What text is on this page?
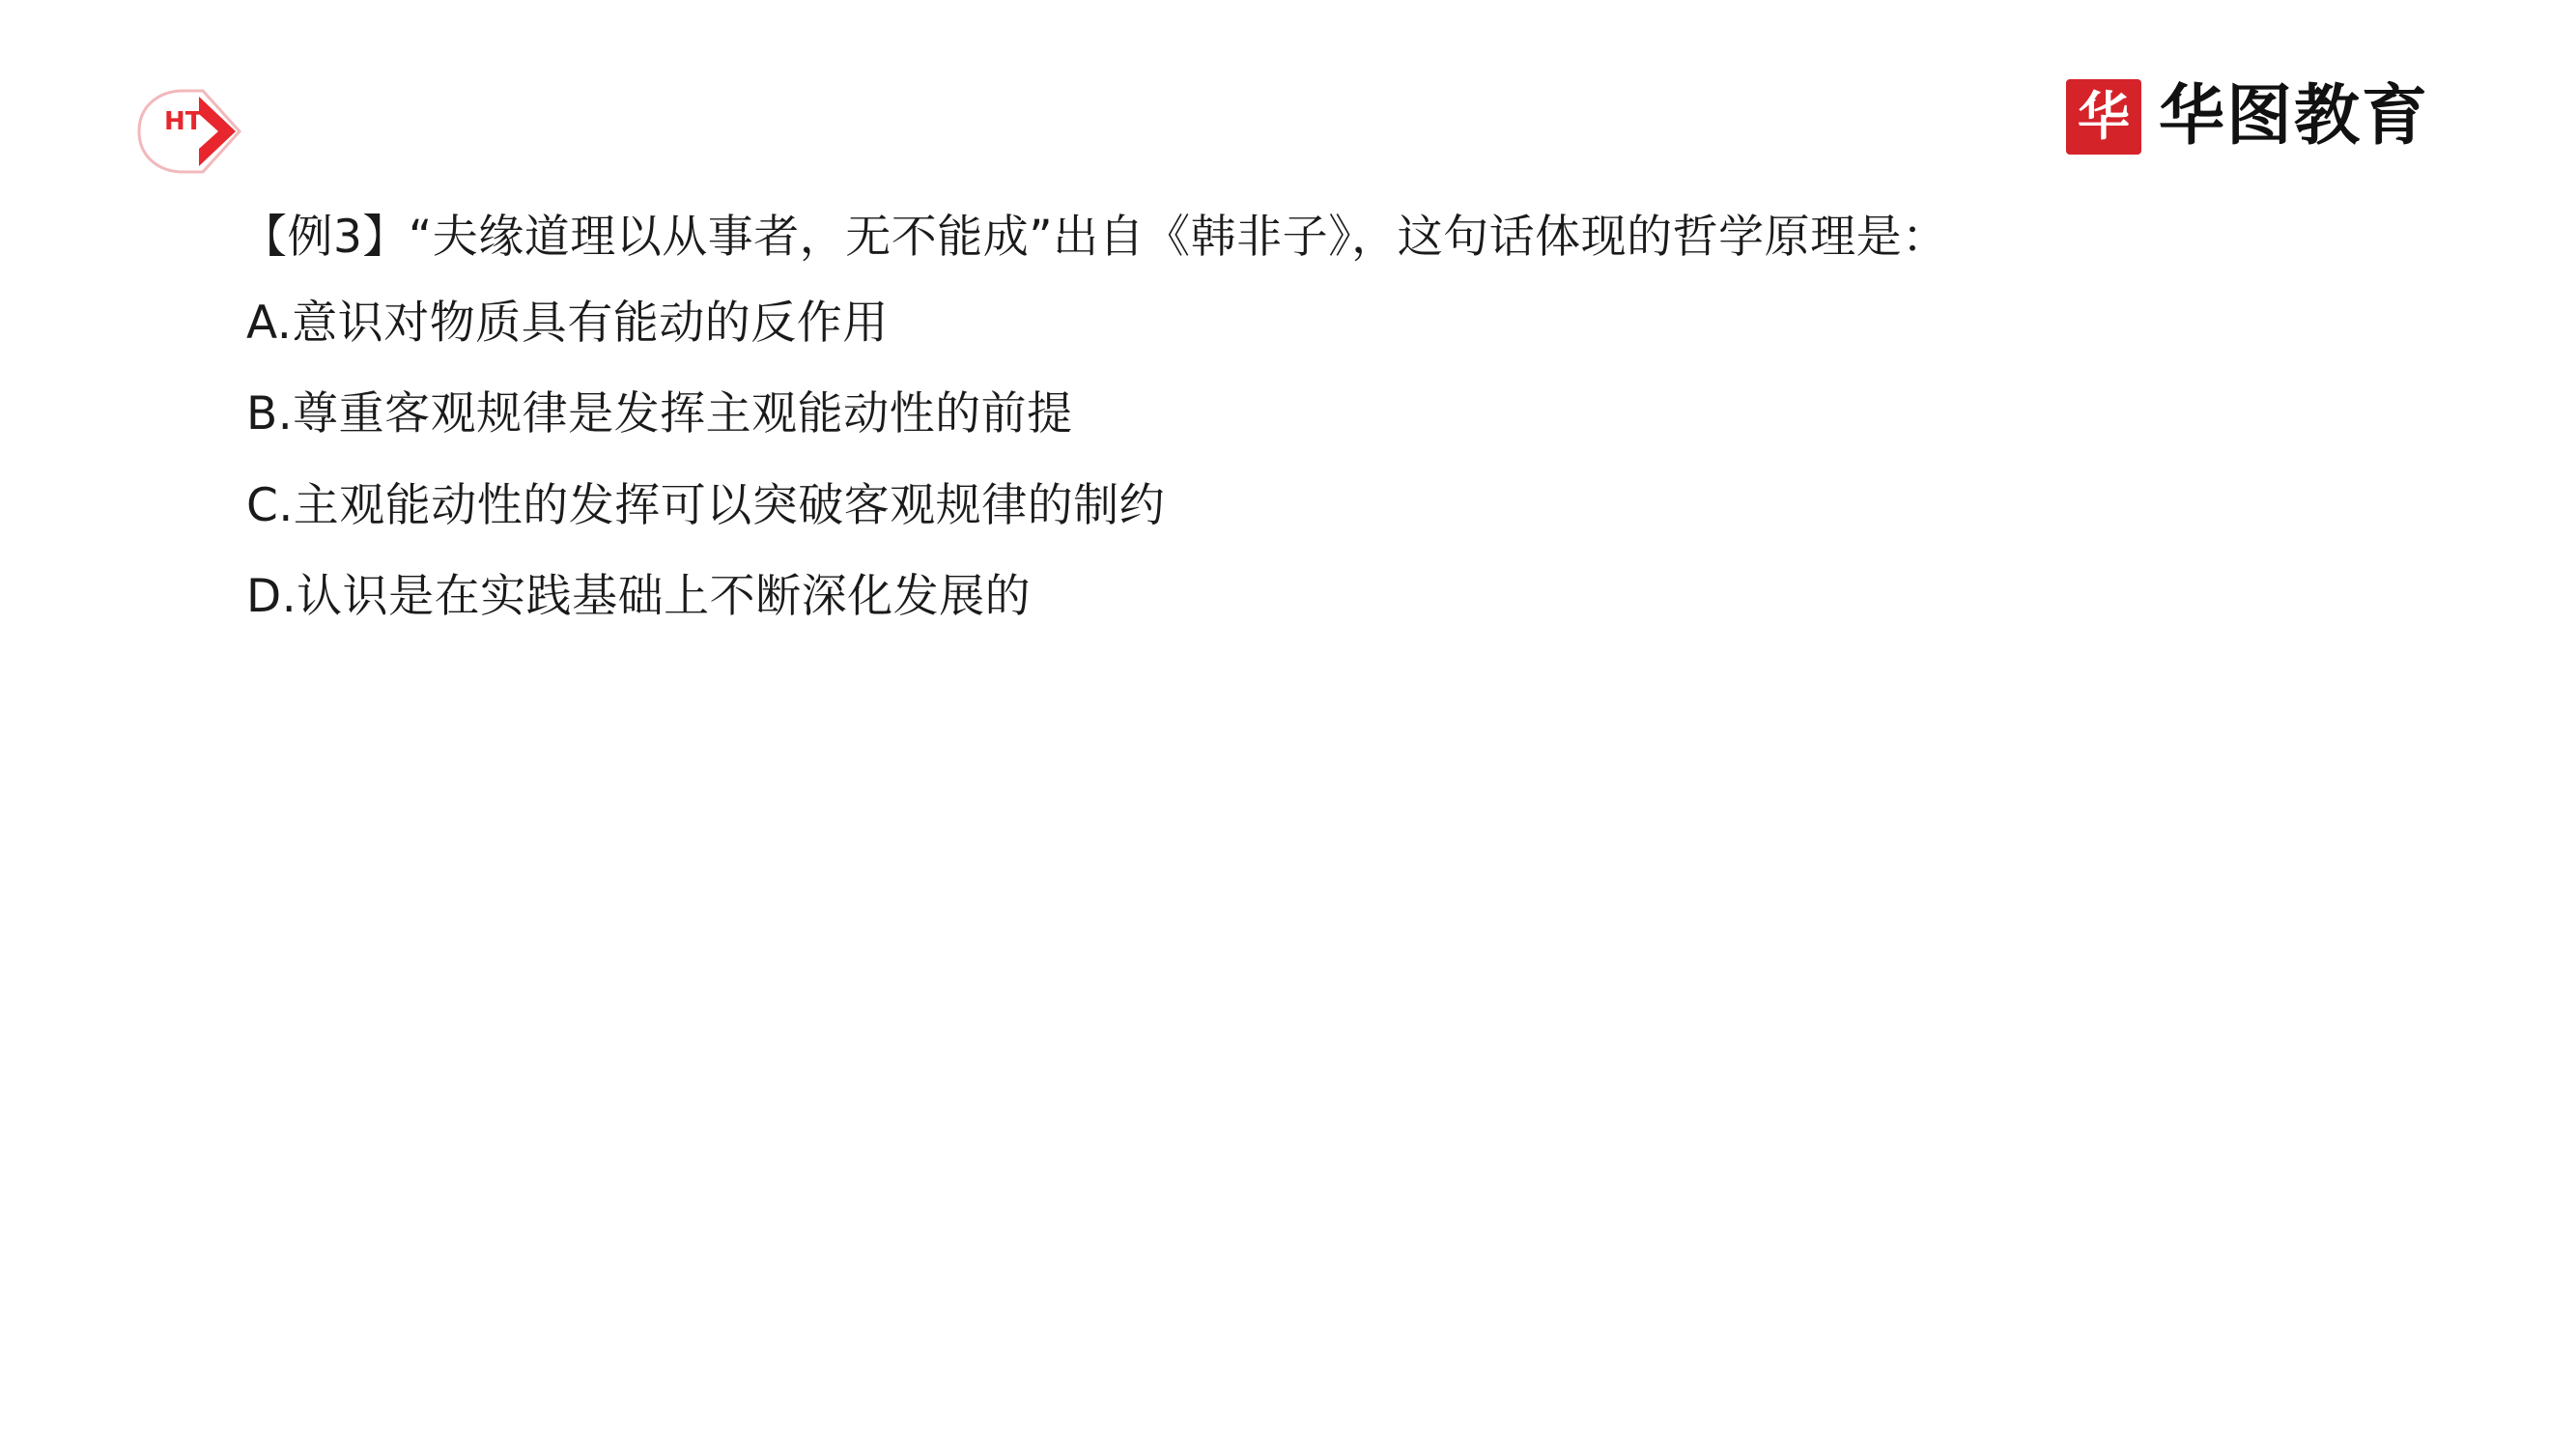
HT	华 华图教育
【例3】“夫缘道理以从事者，无不能成”出自《韩非子》，这句话体现的哲学原理是：
A.意识对物质具有能动的反作用
B.尊重客观规律是发挥主观能动性的前提
C.主观能动性的发挥可以突破客观规律的制约
D.认识是在实践基础上不断深化发展的
